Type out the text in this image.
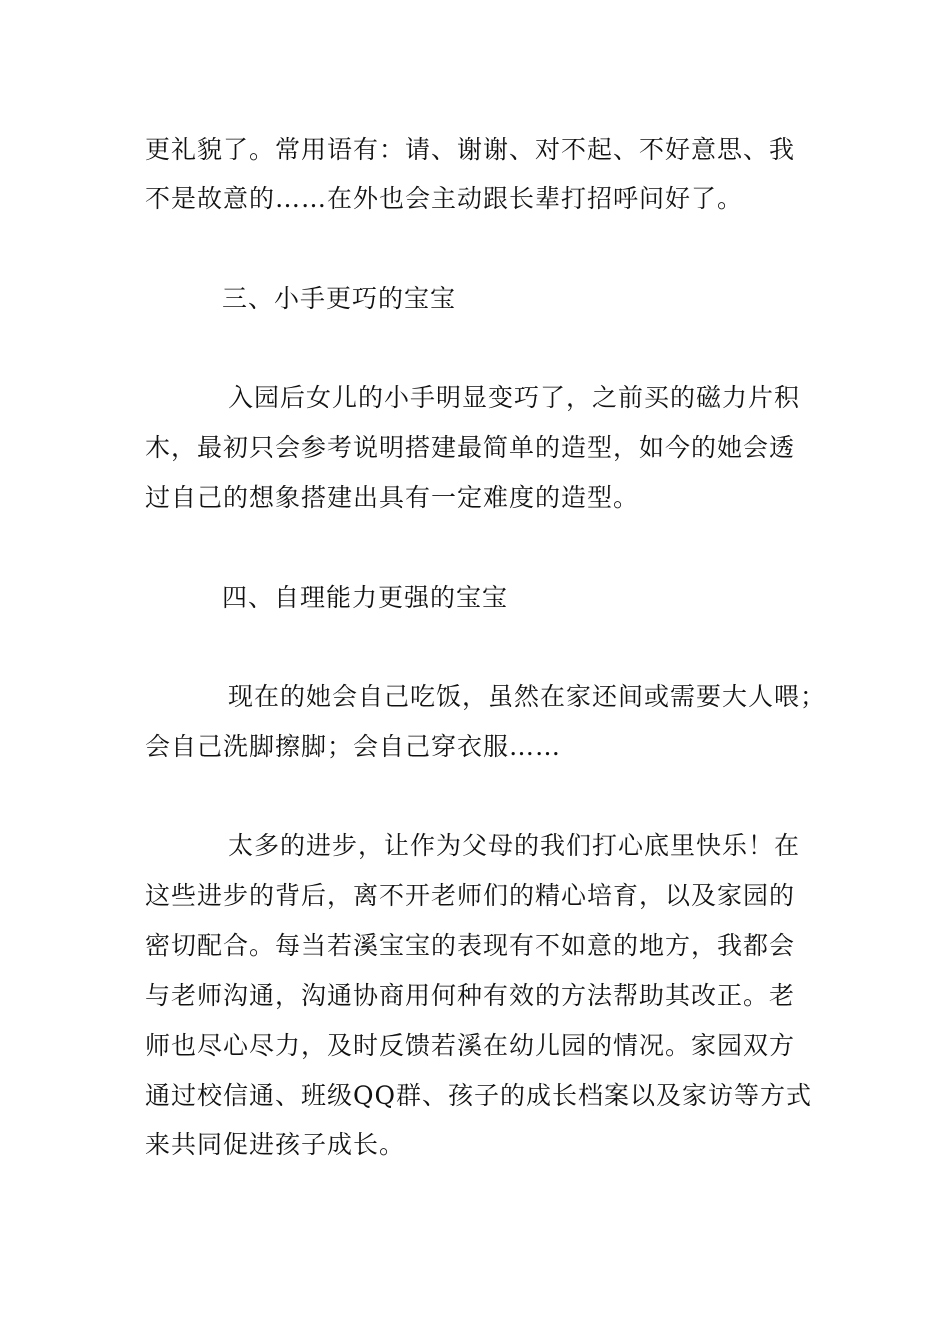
更礼貌了。常用语有：请、谢谢、对不起、不好意思、我
不是故意的……在外也会主动跟长辈打招呼问好了。
三、小手更巧的宝宝
入园后女儿的小手明显变巧了，之前买的磁力片积
木，最初只会参考说明搭建最简单的造型，如今的她会透
过自己的想象搭建出具有一定难度的造型。
四、自理能力更强的宝宝
现在的她会自己吃饭，虽然在家还间或需要大人喂；
会自己洗脚擦脚；会自己穿衣服……
太多的进步，让作为父母的我们打心底里快乐！在
这些进步的背后，离不开老师们的精心培育，以及家园的
密切配合。每当若溪宝宝的表现有不如意的地方，我都会
与老师沟通，沟通协商用何种有效的方法帮助其改正。老
师也尽心尽力，及时反馈若溪在幼儿园的情况。家园双方
通过校信通、班级QQ群、孩子的成长档案以及家访等方式
来共同促进孩子成长。
